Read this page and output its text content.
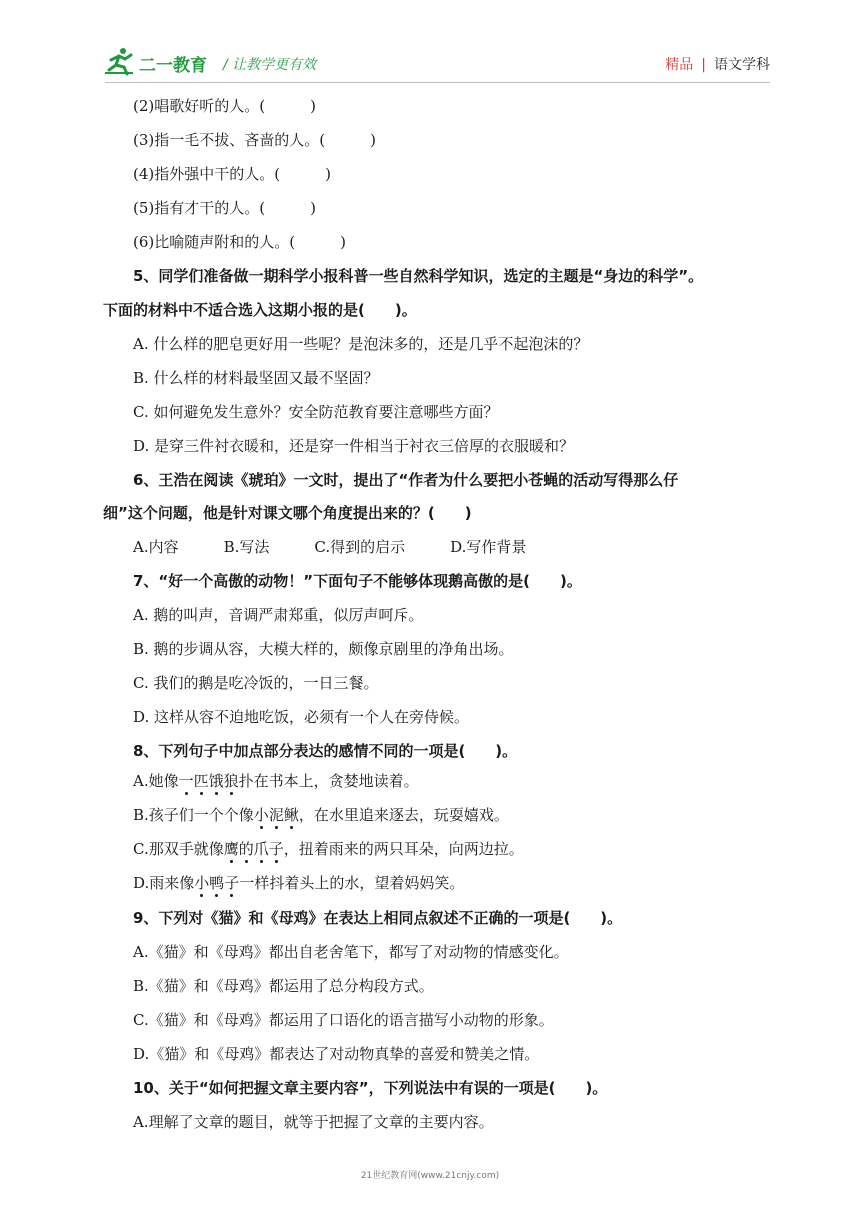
二一教育 / 让教学更有效	精品 | 语文学科
(2)唱歌好听的人。(　　　)
(3)指一毛不拔、吝啬的人。(　　　)
(4)指外强中干的人。(　　　)
(5)指有才干的人。(　　　)
(6)比喻随声附和的人。(　　　)
5、同学们准备做一期科学小报科普一些自然科学知识，选定的主题是“身边的科学”。
下面的材料中不适合选入这期小报的是(　　)。
A. 什么样的肥皂更好用一些呢？是泡沫多的，还是几乎不起泡沫的？
B. 什么样的材料最坚固又最不坚固？
C. 如何避免发生意外？安全防范教育要注意哪些方面？
D. 是穿三件衬衣暖和，还是穿一件相当于衬衣三倍厚的衣服暖和？
6、王浩在阅读《琥珀》一文时，提出了“作者为什么要把小苍蝇的活动写得那么仔
细”这个问题，他是针对课文哪个角度提出来的？(　　)
A.内容　　　B.写法　　　C.得到的启示　　　D.写作背景
7、“好一个高傲的动物！”下面句子不能够体现鹅高傲的是(　　)。
A. 鹅的叫声，音调严肃郑重，似厉声呵斥。
B. 鹅的步调从容，大模大样的，颇像京剧里的净角出场。
C. 我们的鹅是吃冷饭的，一日三餐。
D. 这样从容不迫地吃饭，必须有一个人在旁侍候。
8、下列句子中加点部分表达的感情不同的一项是(　　)。
A.她像一匹饿狼扑在书本上，贪婪地读着。
B.孩子们一个个像小泥鳅，在水里追来逐去，玩耍嬉戏。
C.那双手就像鹰的爪子，扭着雨来的两只耳朵，向两边拉。
D.雨来像小鸭子一样抖着头上的水，望着妈妈笑。
9、下列对《猫》和《母鸡》在表达上相同点叙述不正确的一项是(　　)。
A.《猫》和《母鸡》都出自老舍笔下，都写了对动物的情感变化。
B.《猫》和《母鸡》都运用了总分构段方式。
C.《猫》和《母鸡》都运用了口语化的语言描写小动物的形象。
D.《猫》和《母鸡》都表达了对动物真挚的喜爱和赞美之情。
10、关于“如何把握文章主要内容”，下列说法中有误的一项是(　　)。
A.理解了文章的题目，就等于把握了文章的主要内容。
21世纪教育网(www.21cnjy.com)
